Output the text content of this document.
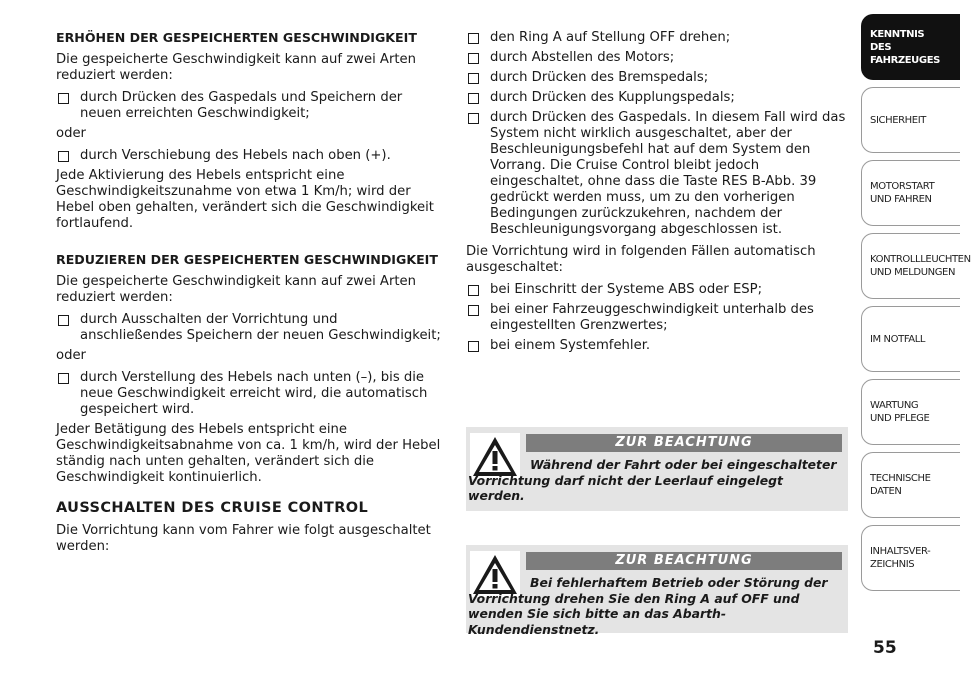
ERHÖHEN DER GESPEICHERTEN GESCHWINDIGKEIT

Die gespeicherte Geschwindigkeit kann auf zwei Arten reduziert werden:

durch Drücken des Gaspedals und Speichern der neuen erreichten Geschwindigkeit;

oder

durch Verschiebung des Hebels nach oben (+).

Jede Aktivierung des Hebels entspricht eine Geschwindigkeitszunahme von etwa 1 Km/h; wird der Hebel oben gehalten, verändert sich die Geschwindigkeit fortlaufend.

REDUZIEREN DER GESPEICHERTEN GESCHWINDIGKEIT

Die gespeicherte Geschwindigkeit kann auf zwei Arten reduziert werden:

durch Ausschalten der Vorrichtung und anschließendes Speichern der neuen Geschwindigkeit;

oder

durch Verstellung des Hebels nach unten (–), bis die neue Geschwindigkeit erreicht wird, die automatisch gespeichert wird.

Jeder Betätigung des Hebels entspricht eine Geschwindigkeitsabnahme von ca. 1 km/h, wird der Hebel ständig nach unten gehalten, verändert sich die Geschwindigkeit kontinuierlich.

AUSSCHALTEN DES CRUISE CONTROL

Die Vorrichtung kann vom Fahrer wie folgt ausgeschaltet werden:

den Ring A auf Stellung OFF drehen;
durch Abstellen des Motors;
durch Drücken des Bremspedals;
durch Drücken des Kupplungspedals;
durch Drücken des Gaspedals. In diesem Fall wird das System nicht wirklich ausgeschaltet, aber der Beschleunigungsbefehl hat auf dem System den Vorrang. Die Cruise Control bleibt jedoch eingeschaltet, ohne dass die Taste RES B-Abb. 39 gedrückt werden muss, um zu den vorherigen Bedingungen zurückzukehren, nachdem der Beschleunigungsvorgang abgeschlossen ist.

Die Vorrichtung wird in folgenden Fällen automatisch ausgeschaltet:

bei Einschritt der Systeme ABS oder ESP;
bei einer Fahrzeuggeschwindigkeit unterhalb des eingestellten Grenzwertes;
bei einem Systemfehler.
ZUR BEACHTUNG
Während der Fahrt oder bei eingeschalteter Vorrichtung darf nicht der Leerlauf eingelegt werden.
ZUR BEACHTUNG
Bei fehlerhaftem Betrieb oder Störung der Vorrichtung drehen Sie den Ring A auf OFF und wenden Sie sich bitte an das Abarth-Kundendienstnetz.
KENNTNIS
DES FAHRZEUGES
SICHERHEIT
MOTORSTART
UND FAHREN
KONTROLLLEUCHTEN
UND MELDUNGEN
IM NOTFALL
WARTUNG
UND PFLEGE
TECHNISCHE
DATEN
INHALTSVER-
ZEICHNIS
55
